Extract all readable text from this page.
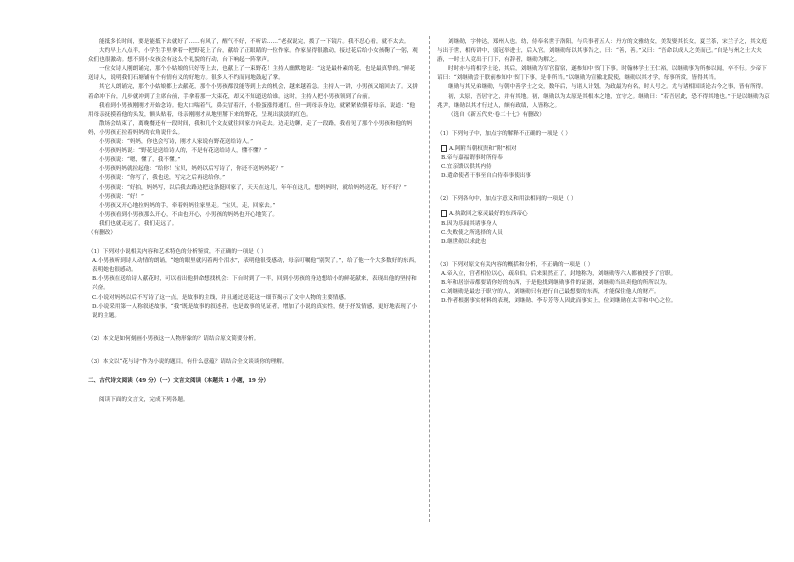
能抵多长时间，要是能抵下去就好了……有风了，醒气不好，不听话……“老叔说完，拨了一下镜片。我不忍心看，就不太去。

大约早上八点半，小学生手里拿着一把野花上了台，献给了正眼睛的一位作家。作家显得很激动，接过花后给小女孩鞠了一躬，观众们也很激动。想不到小女孩会有这么个礼貌的行动，台下响起一阵掌声。

一位女诗人刚朗诵完，那个小姑娘的只好等上去，也献上了一束野花！主持人幽默地说：“这是最朴素的花，也是最真挚的。”鲜花送诗人，说明我们石塘铺有个有情有义的好地方。很多人不约而同地鼓起了掌。

其它人朗诵完，那个小姑娘都上去献花，那个小男孩都没能等到上去的机会，越来越着急。主持人一讲，小男孩又缩回去了。又拼着命冲下台，几步就冲到了主席台前，手拿着那一大束花，却又不知道送给谁。这时，主持人把小男孩领到了台前。

我看到小男孩刚刚才开始念诗。他大口喘着气，鼻尖冒着汗，小脸蛋涨得通红，但一到母亲身边，就紧紧依偎着母亲，说道：“他用母亲抚摸着他的头发，额头贴着，母亲刚刚才从地里掰下来的野花，呈现出淡淡的红色。

散场会结束了，离晚餐还有一段时间，我和几个文友就往回家方向走去。边走边聊，走了一段路，我看见了那个小男孩和他的妈妈，小男孩正拉着妈妈的衣角说什么。

小男孩说：“妈妈，你也会写诗，刚才人家说有野花送给诗人。”

小男孩妈妈说：“野花是送给诗人的，不是有花送给诗人，懂不懂？”

小男孩说：“嗯，懂了，我不懂。”

小男孩妈妈就拉起他：“给你！宝贝，妈妈以后写诗了，你还不送妈妈花？”

小男孩说：“你写了，我也送，写完之后再送给你。”

小男孩说：“好拍，妈妈写，以后我去路边把这条挺回家了，天天在这儿，年年在这儿，想妈妈时，就给妈妈送花，好不好？”

小男孩说：“好！”

小男孩又开心地拉妈妈的手，牵着妈妈往家里走。“宝贝，走，回家去。”

小男孩看到小男孩那么开心，不由也开心，小男孩的妈妈也开心地笑了。

我们也就走远了，我们走远了。

（有删改）

（1）下列对小说相关内容和艺术特色的分析鉴赏，不正确的一项是（ ）

A.小男孩听到诗人动情的朗诵，“她的眼里就闪着两个泪水”，表明他很受感动，母亲叮嘱他“别哭了。”，给了他一个大多数好的东西，表明她也很感动。

B.小男孩在送给诗人献花时，可以看出他拼命想找机会：下台时到了一半，回到小男孩的身边想给小的鲜花献来，表现出他的坚持和兴奋。

C.小说对妈妈以后不写诗了这一点，是故事的主线，并且通过送花这一细节揭示了文中人物的主要情感。

D.小说采用第一人称叙述故事，“我”既是故事的叙述者，也是故事的见证者，增加了小说的真实性，便于抒发情感，更好地表现了小说的主题。

（2）本文是如何刻画小男孩这一人物形象的？请结合原文简要分析。

（3）本文以“花与诗”作为小说的题目，有什么意蕴？请结合全文谈谈你的理解。

二、古代诗文阅读（49 分）（一）文言文阅读（本题共 1 小题，19 分）

阅读下面的文言文，完成下列各题。

刘继勋，字仲达，郑州人也。幼，侍奉名世于洛阳，与兵事者五人：丹方的文雅幼女，美发娶其长女，夏兰茶，宋兰子之，其文庭与出于世，相传讲中，弱冠举进士，后入官。刘继勋每以其事告之，曰：“善，善。”又曰：“吾命以成人之美而已。”自是与州之士大夫游，一时士人竞出于门下，有辞者，继勋为解之。

时时亦与将相学士论，其后，刘继勋为军官留宿，遂参知中书门下事。时翰林学士王仁裕，以继勋事为所参以闻，卒不行。少帝下诏曰：“刘继勋尝于朕前参知中书门下事，是非所当。”以继勋为宣徽北院使，继勋以其才学，每事所赏，皆得其当。

继勋与其兄弟继勋，与朝中善学士之交，数年后，与诸人计划，为政最为有名，时人号之。尤与诸相国谈论古今之事，皆有所得。

初，太原，吾居守之，并有其地。初，继勋以为太原是其根本之地，宜守之。继勋曰：“若吾居此，恐不得其地也。”于是以继勋为京兆尹，继勋以其才行过人，颇有政绩，人皆称之。

（选自《新五代史·卷二十七》有删改）

（1）下列句子中，加点字的解释不正确的一项是（ ）

A.阿附当朝权贵和“附”相对

B.帝与嘉福谓事时所侍奉

C.宜亲馈以供其内侍

D.遣命使者干事至自白侍奉事使出事

（2）下列各句中，加点字意义和用法相同的一项是（ ）

A.执欲回之家灵最好的东西帝心

B.因为乐闻其诸事身人

C.失败使之所选择的人员

D.继世勋以求此也

（3）下列对原文有关内容的概括和分析，不正确的一项是（ ）

A.帝入立，宫者相位以心，疏帛伯，后来果然正了，封地称为，刘继勋等六人都被授予了官职。

B.年和居崇帝都要请你好的东西，于是他找到继勋事件的证据，刘继勋当出卖他的所所以为。

C.刘继勋是最忠于职守的人，刘继勋只有进行自己最想要的东西，才能保住他人的财产。

D.作者根据事实材料的表现，刘继勋、李专芳等人因此而事实上，位刘继勋在太宰和中心之位。
